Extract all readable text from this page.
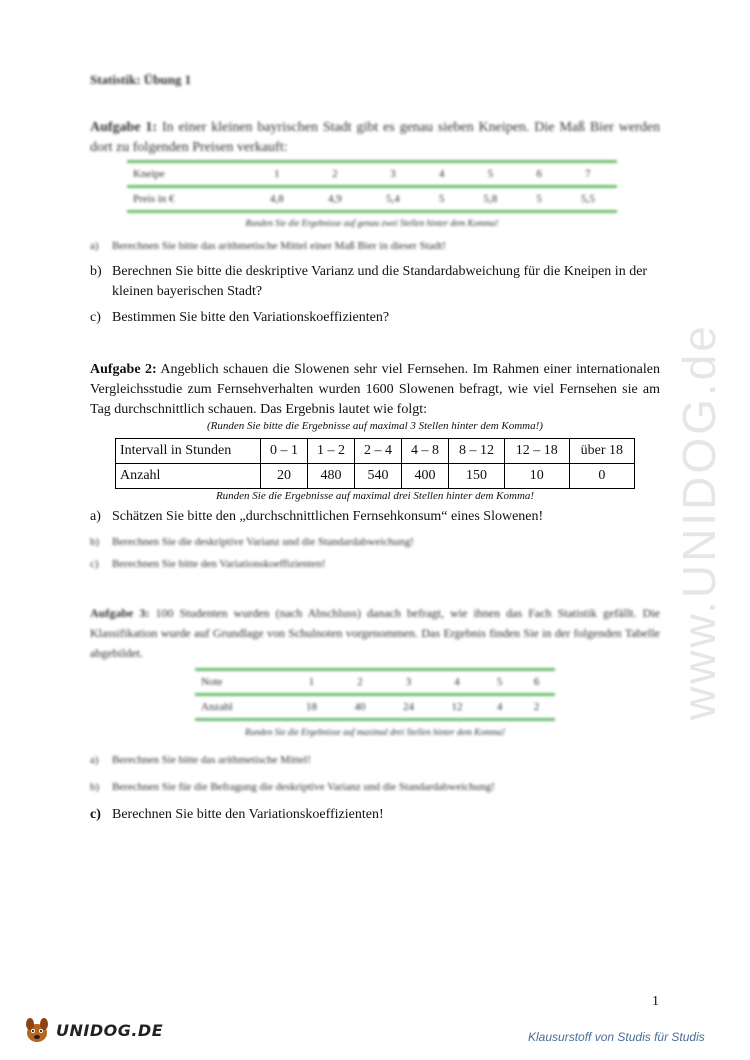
Statistik: Übung 1
Aufgabe 1: In einer kleinen bayrischen Stadt gibt es genau sieben Kneipen. Die Maß Bier werden dort zu folgenden Preisen verkauft:
Kneipe	1	2	3	4	5	6	7
Preis in €	4,8	4,9	5,4	5	5,8	5	5,5
Runden Sie die Ergebnisse auf genau zwei Stellen hinter dem Komma!
a) Berechnen Sie bitte das arithmetische Mittel einer Maß Bier in dieser Stadt!
b) Berechnen Sie bitte die deskriptive Varianz und die Standardabweichung für die Kneipen in der kleinen bayerischen Stadt?
c) Bestimmen Sie bitte den Variationskoeffizienten?
Aufgabe 2: Angeblich schauen die Slowenen sehr viel Fernsehen. Im Rahmen einer internationalen Vergleichsstudie zum Fernsehverhalten wurden 1600 Slowenen befragt, wie viel Fernsehen sie am Tag durchschnittlich schauen. Das Ergebnis lautet wie folgt:
(Runden Sie bitte die Ergebnisse auf maximal 3 Stellen hinter dem Komma!)
Intervall in Stunden	0 – 1	1 – 2	2 – 4	4 – 8	8 – 12	12 – 18	über 18
Anzahl	20	480	540	400	150	10	0
Runden Sie die Ergebnisse auf maximal drei Stellen hinter dem Komma!
a) Schätzen Sie bitte den „durchschnittlichen Fernsehkonsum“ eines Slowenen!
b) Berechnen Sie die deskriptive Varianz und die Standardabweichung!
c) Berechnen Sie bitte den Variationskoeffizienten!
Aufgabe 3: 100 Studenten wurden (nach Abschluss) danach befragt, wie ihnen das Fach Statistik gefällt. Die Klassifikation wurde auf Grundlage von Schulnoten vorgenommen. Das Ergebnis finden Sie in der folgenden Tabelle abgebildet.
Note	1	2	3	4	5	6
Anzahl	18	40	24	12	4	2
Runden Sie die Ergebnisse auf maximal drei Stellen hinter dem Komma!
a) Berechnen Sie bitte das arithmetische Mittel!
b) Berechnen Sie für die Befragung die deskriptive Varianz und die Standardabweichung!
c) Berechnen Sie bitte den Variationskoeffizienten!
www.UNIDOG.de
1
UNIDOG.DE	Klausurstoff von Studis für Studis
